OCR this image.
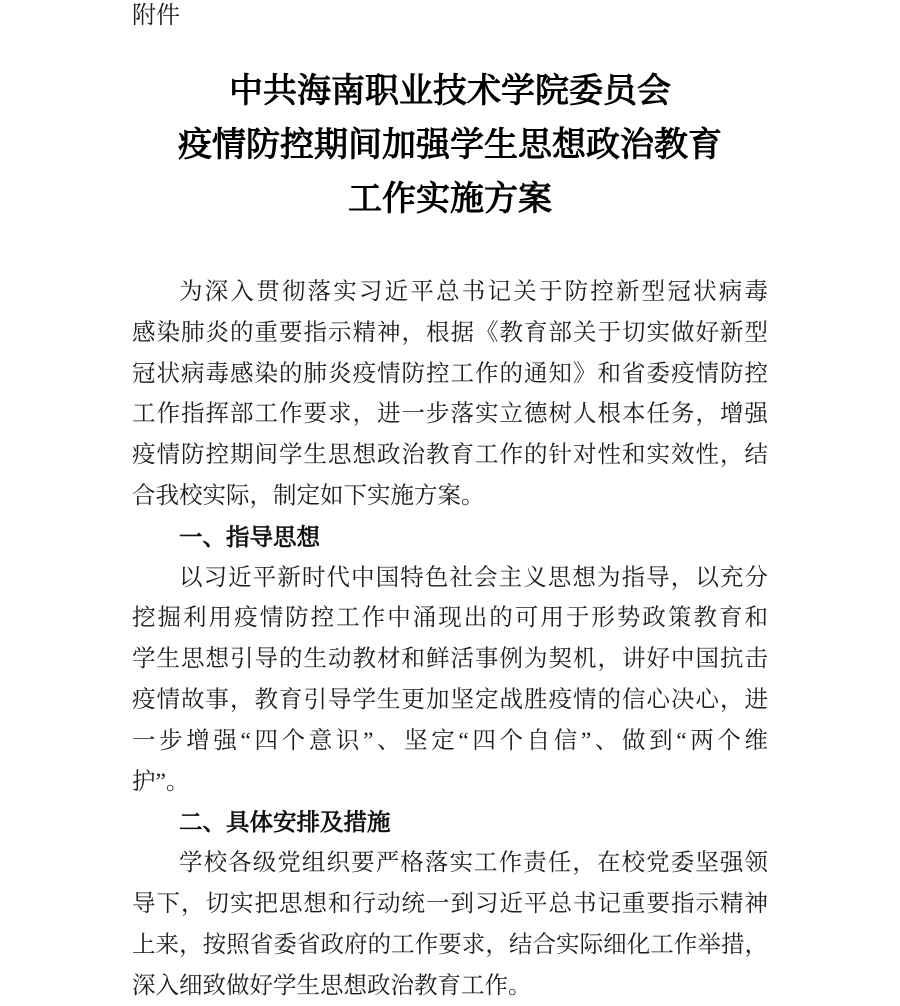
附件
中共海南职业技术学院委员会
疫情防控期间加强学生思想政治教育
工作实施方案
为深入贯彻落实习近平总书记关于防控新型冠状病毒
感染肺炎的重要指示精神，根据《教育部关于切实做好新型
冠状病毒感染的肺炎疫情防控工作的通知》和省委疫情防控
工作指挥部工作要求，进一步落实立德树人根本任务，增强
疫情防控期间学生思想政治教育工作的针对性和实效性，结
合我校实际，制定如下实施方案。
一、指导思想
以习近平新时代中国特色社会主义思想为指导，以充分
挖掘利用疫情防控工作中涌现出的可用于形势政策教育和
学生思想引导的生动教材和鲜活事例为契机，讲好中国抗击
疫情故事，教育引导学生更加坚定战胜疫情的信心决心，进
一步增强“四个意识”、坚定“四个自信”、做到“两个维
护”。
二、具体安排及措施
学校各级党组织要严格落实工作责任，在校党委坚强领
导下，切实把思想和行动统一到习近平总书记重要指示精神
上来，按照省委省政府的工作要求，结合实际细化工作举措，
深入细致做好学生思想政治教育工作。
